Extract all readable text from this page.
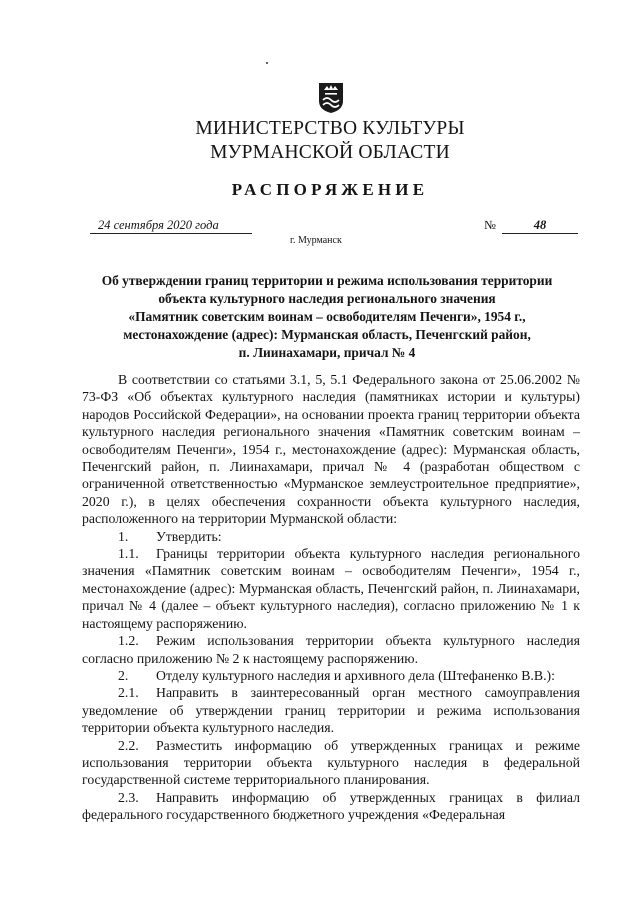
МИНИСТЕРСТВО КУЛЬТУРЫ
МУРМАНСКОЙ ОБЛАСТИ
РАСПОРЯЖЕНИЕ
24 сентября 2020 года	№	48
г. Мурманск
Об утверждении границ территории и режима использования территории
объекта культурного наследия регионального значения
«Памятник советским воинам – освободителям Печенги», 1954 г.,
местонахождение (адрес): Мурманская область, Печенгский район,
п. Лиинахамари, причал № 4

В соответствии со статьями 3.1, 5, 5.1 Федерального закона от 25.06.2002 № 73-ФЗ «Об объектах культурного наследия (памятниках истории и культуры) народов Российской Федерации», на основании проекта границ территории объекта культурного наследия регионального значения «Памятник советским воинам – освободителям Печенги», 1954 г., местонахождение (адрес): Мурманская область, Печенгский район, п. Лиинахамари, причал № 4 (разработан обществом с ограниченной ответственностью «Мурманское землеустроительное предприятие», 2020 г.), в целях обеспечения сохранности объекта культурного наследия, расположенного на территории Мурманской области:

1. Утвердить:

1.1. Границы территории объекта культурного наследия регионального значения «Памятник советским воинам – освободителям Печенги», 1954 г., местонахождение (адрес): Мурманская область, Печенгский район, п. Лиинахамари, причал № 4 (далее – объект культурного наследия), согласно приложению № 1 к настоящему распоряжению.

1.2. Режим использования территории объекта культурного наследия согласно приложению № 2 к настоящему распоряжению.

2. Отделу культурного наследия и архивного дела (Штефаненко В.В.):

2.1. Направить в заинтересованный орган местного самоуправления уведомление об утверждении границ территории и режима использования территории объекта культурного наследия.

2.2. Разместить информацию об утвержденных границах и режиме использования территории объекта культурного наследия в федеральной государственной системе территориального планирования.

2.3. Направить информацию об утвержденных границах в филиал федерального государственного бюджетного учреждения «Федеральная
